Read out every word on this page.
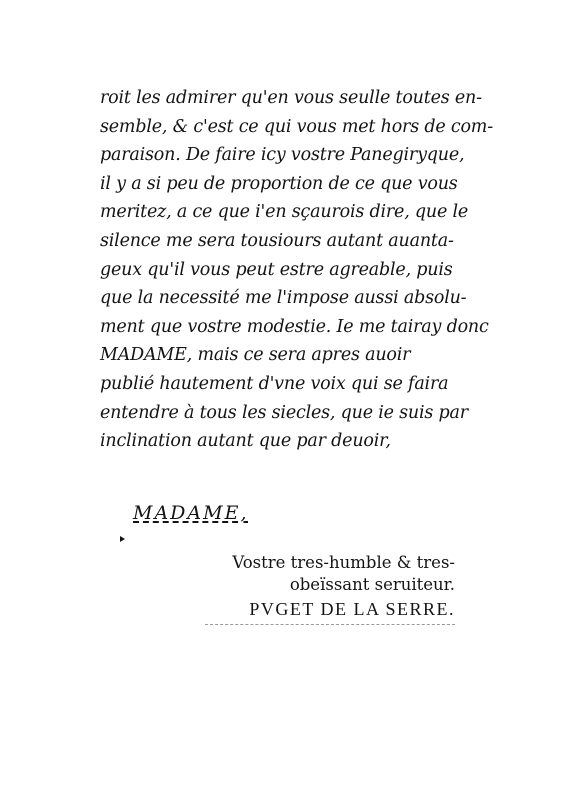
roit les admirer qu'en vous seulle toutes en-
semble, & c'est ce qui vous met hors de com-
paraison. De faire icy vostre Panegiryque,
il y a si peu de proportion de ce que vous
meritez, a ce que i'en sçaurois dire, que le
silence me sera tousiours autant auanta-
geux qu'il vous peut estre agreable, puis
que la necessité me l'impose aussi absolu-
ment que vostre modestie. Ie me tairay donc
MADAME, mais ce sera apres auoir
publié hautement d'vne voix qui se faira
entendre à tous les siecles, que ie suis par
inclination autant que par deuoir,
MADAME,
Vostre tres-humble & tres-
obeïssant seruiteur.
PVGET DE LA SERRE.
